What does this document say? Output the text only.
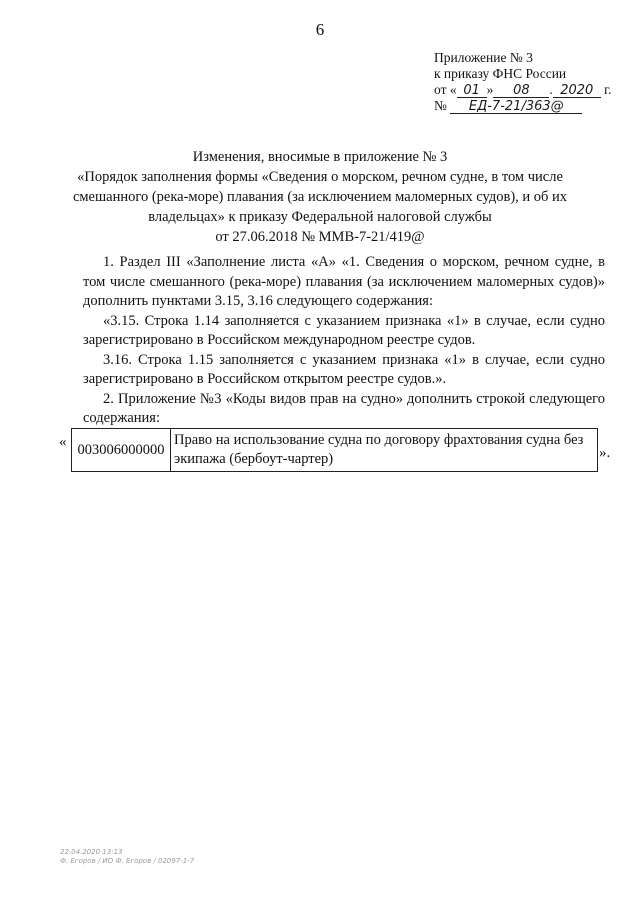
6
Приложение № 3
к приказу ФНС России
от « 01 » 08 . 2020 г.
№ ЕД-7-21/363@
Изменения, вносимые в приложение № 3
«Порядок заполнения формы «Сведения о морском, речном судне, в том числе
смешанного (река-море) плавания (за исключением маломерных судов), и об их
владельцах» к приказу Федеральной налоговой службы
от 27.06.2018 № ММВ-7-21/419@

1. Раздел III «Заполнение листа «А» «1. Сведения о морском, речном судне, в том числе смешанного (река-море) плавания (за исключением маломерных судов)» дополнить пунктами 3.15, 3.16 следующего содержания:

«3.15. Строка 1.14 заполняется с указанием признака «1» в случае, если судно зарегистрировано в Российском международном реестре судов.

3.16. Строка 1.15 заполняется с указанием признака «1» в случае, если судно зарегистрировано в Российском открытом реестре судов.».

2. Приложение №3 «Коды видов прав на судно» дополнить строкой следующего содержания:

« 003006000000	Право на использование судна по договору фрахтования судна без экипажа (бербоут-чартер)	».
22.04.2020 13:13
Ф. Егоров / ИО Ф. Егоров / 02097-1-7
